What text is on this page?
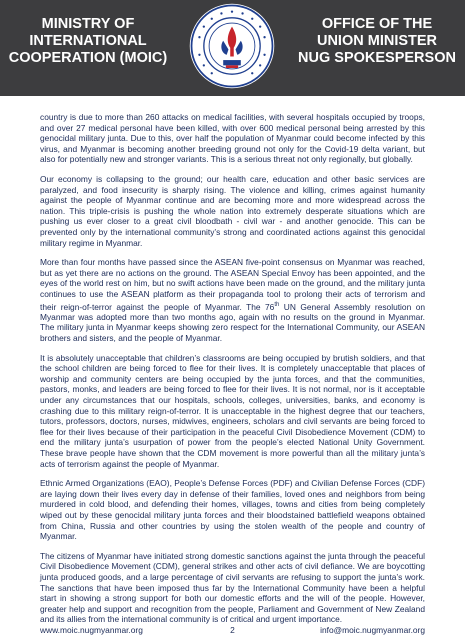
MINISTRY OF
INTERNATIONAL
COOPERATION (MOIC)
OFFICE OF THE
UNION MINISTER
NUG SPOKESPERSON

country is due to more than 260 attacks on medical facilities, with several hospitals occupied by troops, and over 27 medical personal have been killed, with over 600 medical personal being arrested by this genocidal military junta. Due to this, over half the population of Myanmar could become infected by this virus, and Myanmar is becoming another breeding ground not only for the Covid-19 delta variant, but also for potentially new and stronger variants. This is a serious threat not only regionally, but globally.

Our economy is collapsing to the ground; our health care, education and other basic services are paralyzed, and food insecurity is sharply rising. The violence and killing, crimes against humanity against the people of Myanmar continue and are becoming more and more widespread across the nation. This triple-crisis is pushing the whole nation into extremely desperate situations which are pushing us ever closer to a great civil bloodbath - civil war - and another genocide. This can be prevented only by the international community’s strong and coordinated actions against this genocidal military regime in Myanmar.

More than four months have passed since the ASEAN five-point consensus on Myanmar was reached, but as yet there are no actions on the ground. The ASEAN Special Envoy has been appointed, and the eyes of the world rest on him, but no swift actions have been made on the ground, and the military junta continues to use the ASEAN platform as their propaganda tool to prolong their acts of terrorism and their reign-of-terror against the people of Myanmar. The 76th UN General Assembly resolution on Myanmar was adopted more than two months ago, again with no results on the ground in Myanmar. The military junta in Myanmar keeps showing zero respect for the International Community, our ASEAN brothers and sisters, and the people of Myanmar.

It is absolutely unacceptable that children’s classrooms are being occupied by brutish soldiers, and that the school children are being forced to flee for their lives. It is completely unacceptable that places of worship and community centers are being occupied by the junta forces, and that the communities, pastors, monks, and leaders are being forced to flee for their lives. It is not normal, nor is it acceptable under any circumstances that our hospitals, schools, colleges, universities, banks, and economy is crashing due to this military reign-of-terror. It is unacceptable in the highest degree that our teachers, tutors, professors, doctors, nurses, midwives, engineers, scholars and civil servants are being forced to flee for their lives because of their participation in the peaceful Civil Disobedience Movement (CDM) to end the military junta’s usurpation of power from the people’s elected National Unity Government. These brave people have shown that the CDM movement is more powerful than all the military junta’s acts of terrorism against the people of Myanmar.

Ethnic Armed Organizations (EAO), People’s Defense Forces (PDF) and Civilian Defense Forces (CDF) are laying down their lives every day in defense of their families, loved ones and neighbors from being murdered in cold blood, and defending their homes, villages, towns and cities from being completely wiped out by these genocidal military junta forces and their bloodstained battlefield weapons obtained from China, Russia and other countries by using the stolen wealth of the people and country of Myanmar.

The citizens of Myanmar have initiated strong domestic sanctions against the junta through the peaceful Civil Disobedience Movement (CDM), general strikes and other acts of civil defiance. We are boycotting junta produced goods, and a large percentage of civil servants are refusing to support the junta’s work. The sanctions that have been imposed thus far by the International Community have been a helpful start in showing a strong support for both our domestic efforts and the will of the people. However, greater help and support and recognition from the people, Parliament and Government of New Zealand and its allies from the international community is of critical and urgent importance.

www.moic.nugmyanmar.org	2	info@moic.nugmyanmar.org
